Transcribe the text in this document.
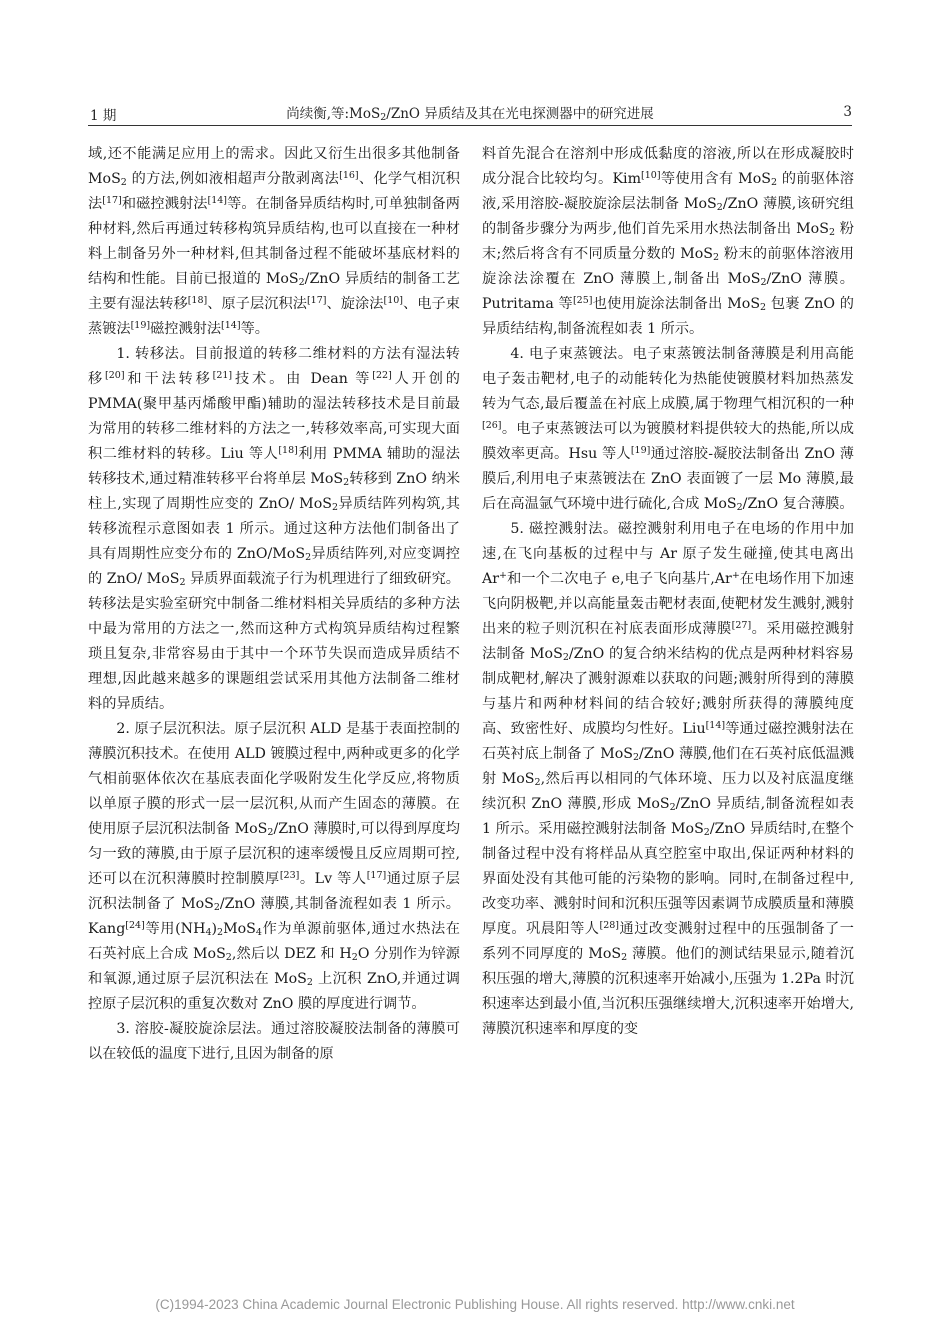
1 期	尚续衡,等:MoS$_2$/ZnO 异质结及其在光电探测器中的研究进展	3

域,还不能满足应用上的需求。因此又衍生出很多其他制备 MoS$_2$ 的方法,例如液相超声分散剥离法[16]、化学气相沉积法[17]和磁控溅射法[14]等。在制备异质结构时,可单独制备两种材料,然后再通过转移构筑异质结构,也可以直接在一种材料上制备另外一种材料,但其制备过程不能破坏基底材料的结构和性能。目前已报道的 MoS$_2$/ZnO 异质结的制备工艺主要有湿法转移[18]、原子层沉积法[17]、旋涂法[10]、电子束蒸镀法[19]磁控溅射法[14]等。

1. 转移法。目前报道的转移二维材料的方法有湿法转移[20]和干法转移[21]技术。由 Dean 等[22]人开创的 PMMA(聚甲基丙烯酸甲酯)辅助的湿法转移技术是目前最为常用的转移二维材料的方法之一,转移效率高,可实现大面积二维材料的转移。Liu 等人[18]利用 PMMA 辅助的湿法转移技术,通过精准转移平台将单层 MoS$_2$转移到 ZnO 纳米柱上,实现了周期性应变的 ZnO/ MoS$_2$异质结阵列构筑,其转移流程示意图如表 1 所示。通过这种方法他们制备出了具有周期性应变分布的 ZnO/MoS$_2$异质结阵列,对应变调控的 ZnO/ MoS$_2$ 异质界面载流子行为机理进行了细致研究。转移法是实验室研究中制备二维材料相关异质结的多种方法中最为常用的方法之一,然而这种方式构筑异质结构过程繁琐且复杂,非常容易由于其中一个环节失误而造成异质结不理想,因此越来越多的课题组尝试采用其他方法制备二维材料的异质结。

2. 原子层沉积法。原子层沉积 ALD 是基于表面控制的薄膜沉积技术。在使用 ALD 镀膜过程中,两种或更多的化学气相前驱体依次在基底表面化学吸附发生化学反应,将物质以单原子膜的形式一层一层沉积,从而产生固态的薄膜。在使用原子层沉积法制备 MoS$_2$/ZnO 薄膜时,可以得到厚度均匀一致的薄膜,由于原子层沉积的速率缓慢且反应周期可控,还可以在沉积薄膜时控制膜厚[23]。Lv 等人[17]通过原子层沉积法制备了 MoS$_2$/ZnO 薄膜,其制备流程如表 1 所示。Kang[24]等用$(NH_4)_2MoS_4$作为单源前驱体,通过水热法在石英衬底上合成 MoS$_2$,然后以 DEZ 和 $H_2O$ 分别作为锌源和氧源,通过原子层沉积法在 MoS$_2$ 上沉积 ZnO,并通过调控原子层沉积的重复次数对 ZnO 膜的厚度进行调节。

3. 溶胶-凝胶旋涂层法。通过溶胶凝胶法制备的薄膜可以在较低的温度下进行,且因为制备的原

料首先混合在溶剂中形成低黏度的溶液,所以在形成凝胶时成分混合比较均匀。Kim[10]等使用含有 MoS$_2$ 的前驱体溶液,采用溶胶-凝胶旋涂层法制备 MoS$_2$/ZnO 薄膜,该研究组的制备步骤分为两步,他们首先采用水热法制备出 MoS$_2$ 粉末;然后将含有不同质量分数的 MoS$_2$ 粉末的前驱体溶液用旋涂法涂覆在 ZnO 薄膜上,制备出 MoS$_2$/ZnO 薄膜。Putritama 等[25]也使用旋涂法制备出 MoS$_2$ 包裹 ZnO 的异质结结构,制备流程如表 1 所示。

4. 电子束蒸镀法。电子束蒸镀法制备薄膜是利用高能电子轰击靶材,电子的动能转化为热能使镀膜材料加热蒸发转为气态,最后覆盖在衬底上成膜,属于物理气相沉积的一种[26]。电子束蒸镀法可以为镀膜材料提供较大的热能,所以成膜效率更高。Hsu 等人[19]通过溶胶-凝胶法制备出 ZnO 薄膜后,利用电子束蒸镀法在 ZnO 表面镀了一层 Mo 薄膜,最后在高温氩气环境中进行硫化,合成 MoS$_2$/ZnO 复合薄膜。

5. 磁控溅射法。磁控溅射利用电子在电场的作用中加速,在飞向基板的过程中与 Ar 原子发生碰撞,使其电离出 Ar+和一个二次电子 e,电子飞向基片,Ar+在电场作用下加速飞向阴极靶,并以高能量轰击靶材表面,使靶材发生溅射,溅射出来的粒子则沉积在衬底表面形成薄膜[27]。采用磁控溅射法制备 MoS$_2$/ZnO 的复合纳米结构的优点是两种材料容易制成靶材,解决了溅射源难以获取的问题;溅射所得到的薄膜与基片和两种材料间的结合较好;溅射所获得的薄膜纯度高、致密性好、成膜均匀性好。Liu[14]等通过磁控溅射法在石英衬底上制备了 MoS$_2$/ZnO 薄膜,他们在石英衬底低温溅射 MoS$_2$,然后再以相同的气体环境、压力以及衬底温度继续沉积 ZnO 薄膜,形成 MoS$_2$/ZnO 异质结,制备流程如表 1 所示。采用磁控溅射法制备 MoS$_2$/ZnO 异质结时,在整个制备过程中没有将样品从真空腔室中取出,保证两种材料的界面处没有其他可能的污染物的影响。同时,在制备过程中,改变功率、溅射时间和沉积压强等因素调节成膜质量和薄膜厚度。巩晨阳等人[28]通过改变溅射过程中的压强制备了一系列不同厚度的 MoS$_2$ 薄膜。他们的测试结果显示,随着沉积压强的增大,薄膜的沉积速率开始减小,压强为 1.2Pa 时沉积速率达到最小值,当沉积压强继续增大,沉积速率开始增大,薄膜沉积速率和厚度的变

(C)1994-2023 China Academic Journal Electronic Publishing House. All rights reserved. http://www.cnki.net
